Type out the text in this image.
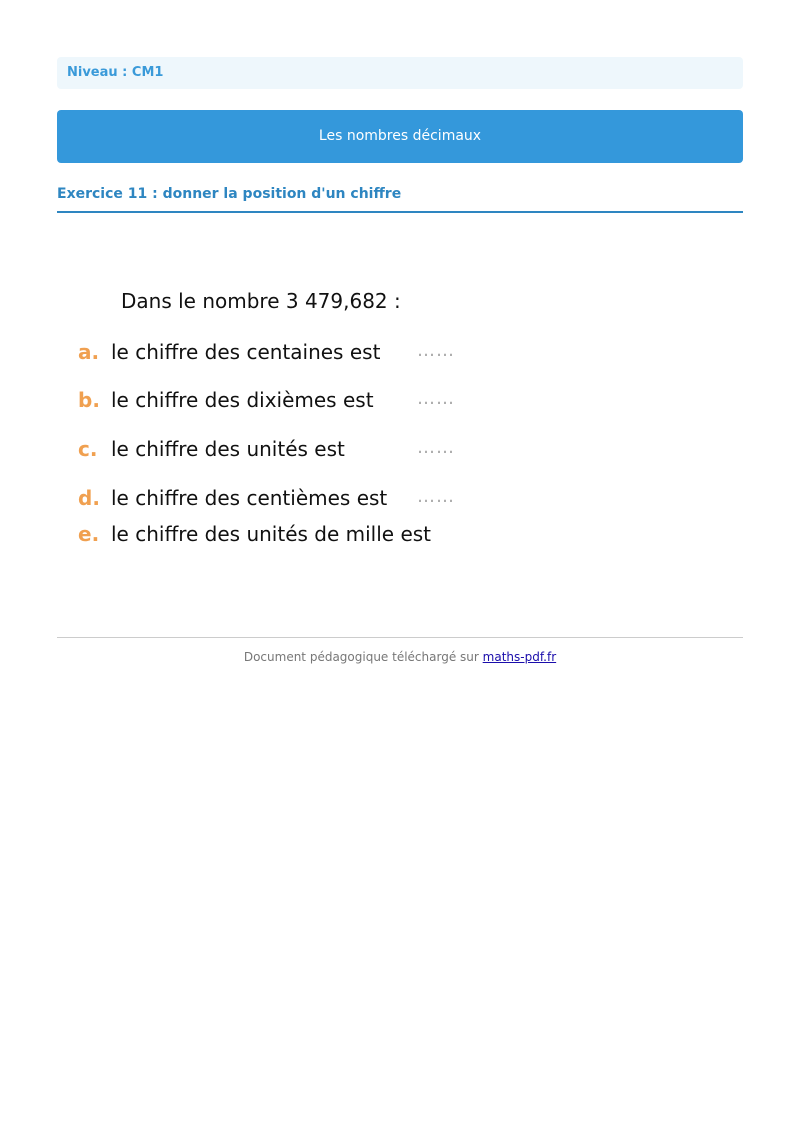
Niveau : CM1
Les nombres décimaux
Exercice 11 : donner la position d'un chiffre
Dans le nombre 3 479,682 :
a. le chiffre des centaines est ……
b. le chiffre des dixièmes est ……
c. le chiffre des unités est	……
d. le chiffre des centièmes est ……
e. le chiffre des unités de mille est
Document pédagogique téléchargé sur maths-pdf.fr
